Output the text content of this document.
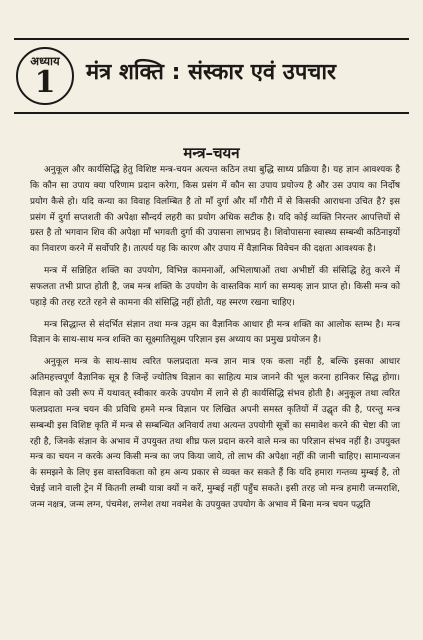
अध्याय
1	मंत्र शक्ति : संस्कार एवं उपचार
मन्त्र–चयन

अनुकूल और कार्यसिद्धि हेतु विशिष्ट मन्त्र-चयन अत्यन्त कठिन तथा बुद्धि साध्य प्रक्रिया है। यह ज्ञान आवश्यक है कि कौन सा उपाय क्या परिणाम प्रदान करेगा, किस प्रसंग में कौन सा उपाय प्रयोज्य है और उस उपाय का निर्दोष प्रयोग कैसे हो। यदि कन्या का विवाह विलम्बित है तो माँ दुर्गा और माँ गौरी में से किसकी आराधना उचित है? इस प्रसंग में दुर्गा सप्तशती की अपेक्षा सौन्दर्य लहरी का प्रयोग अधिक सटीक है। यदि कोई व्यक्ति निरन्तर आपत्तियों से ग्रस्त है तो भगवान शिव की अपेक्षा माँ भगवती दुर्गा की उपासना लाभप्रद है। शिवोपासना स्वास्थ्य सम्बन्धी कठिनाइयों का निवारण करने में सर्वोपरि है। तात्पर्य यह कि कारण और उपाय में वैज्ञानिक विवेचन की दक्षता आवश्यक है।

मन्त्र में सन्निहित शक्ति का उपयोग, विभिन्न कामनाओं, अभिलाषाओं तथा अभीष्टों की संसिद्धि हेतु करने में सफलता तभी प्राप्त होती है, जब मन्त्र शक्ति के उपयोग के वास्तविक मार्ग का सम्यक् ज्ञान प्राप्त हो। किसी मन्त्र को पहाड़े की तरह रटते रहने से कामना की संसिद्धि नहीं होती, यह स्मरण रखना चाहिए।

मन्त्र सिद्धान्त से संदर्भित संज्ञान तथा मन्त्र उद्गम का वैज्ञानिक आधार ही मन्त्र शक्ति का आलोक स्तम्भ है। मन्त्र विज्ञान के साथ-साथ मन्त्र शक्ति का सूक्ष्मातिसूक्ष्म परिज्ञान इस अध्याय का प्रमुख प्रयोजन है।

अनुकूल मन्त्र के साथ-साथ त्वरित फलप्रदाता मन्त्र ज्ञान मात्र एक कला नहीं है, बल्कि इसका आधार अतिमहत्त्वपूर्ण वैज्ञानिक सूत्र है जिन्हें ज्योतिष विज्ञान का साहित्य मात्र जानने की भूल करना हानिकर सिद्ध होगा। विज्ञान को उसी रूप में यथावत् स्वीकार करके उपयोग में लाने से ही कार्यसिद्धि संभव होती है। अनुकूल तथा त्वरित फलप्रदाता मन्त्र चयन की प्रविधि हमने मन्त्र विज्ञान पर लिखित अपनी समस्त कृतियों में उद्घृत की है, परन्तु मन्त्र सम्बन्धी इस विशिष्ट कृति में मन्त्र से सम्बन्धित अनिवार्य तथा अत्यन्त उपयोगी सूत्रों का समावेश करने की चेष्टा की जा रही है, जिनके संज्ञान के अभाव में उपयुक्त तथा शीघ्र फल प्रदान करने वाले मन्त्र का परिज्ञान संभव नहीं है। उपयुक्त मन्त्र का चयन न करके अन्य किसी मन्त्र का जप किया जाये, तो लाभ की अपेक्षा नहीं की जानी चाहिए। सामान्यजन के समझने के लिए इस वास्तविकता को हम अन्य प्रकार से व्यक्त कर सकते हैं कि यदि हमारा गन्तव्य मुम्बई है, तो चेन्नई जाने वाली ट्रेन में कितनी लम्बी यात्रा क्यों न करें, मुम्बई नहीं पहुँच सकते। इसी तरह जो मन्त्र हमारी जन्मराशि, जन्म नक्षत्र, जन्म लग्न, पंचमेश, लग्नेश तथा नवमेश के उपयुक्त उपयोग के अभाव में बिना मन्त्र चयन पद्धति
